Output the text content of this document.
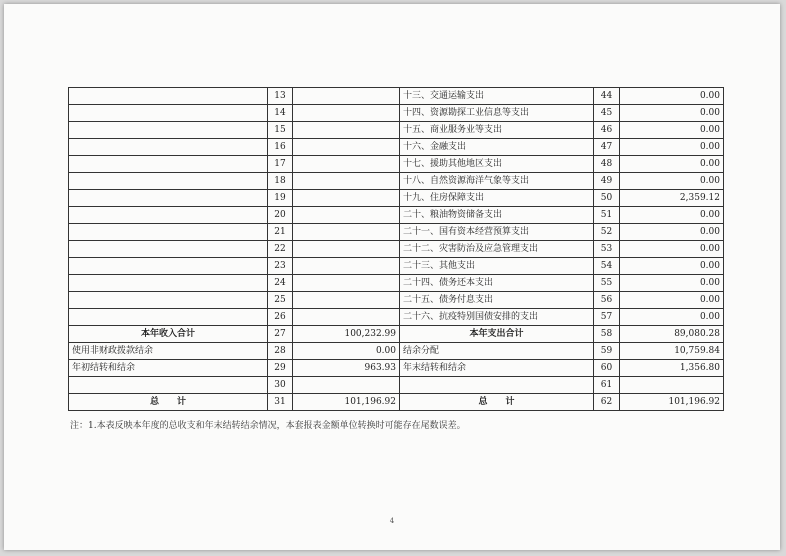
	13		十三、交通运输支出	44	0.00
	14		十四、资源勘探工业信息等支出	45	0.00
	15		十五、商业服务业等支出	46	0.00
	16		十六、金融支出	47	0.00
	17		十七、援助其他地区支出	48	0.00
	18		十八、自然资源海洋气象等支出	49	0.00
	19		十九、住房保障支出	50	2,359.12
	20		二十、粮油物资储备支出	51	0.00
	21		二十一、国有资本经营预算支出	52	0.00
	22		二十二、灾害防治及应急管理支出	53	0.00
	23		二十三、其他支出	54	0.00
	24		二十四、债务还本支出	55	0.00
	25		二十五、债务付息支出	56	0.00
	26		二十六、抗疫特别国债安排的支出	57	0.00
本年收入合计	27	100,232.99	本年支出合计	58	89,080.28
使用非财政拨款结余	28	0.00	结余分配	59	10,759.84
年初结转和结余	29	963.93	年末结转和结余	60	1,356.80
	30			61	
总　　计	31	101,196.92	总　　计	62	101,196.92
注：1.本表反映本年度的总收支和年末结转结余情况，本套报表金额单位转换时可能存在尾数误差。
4
